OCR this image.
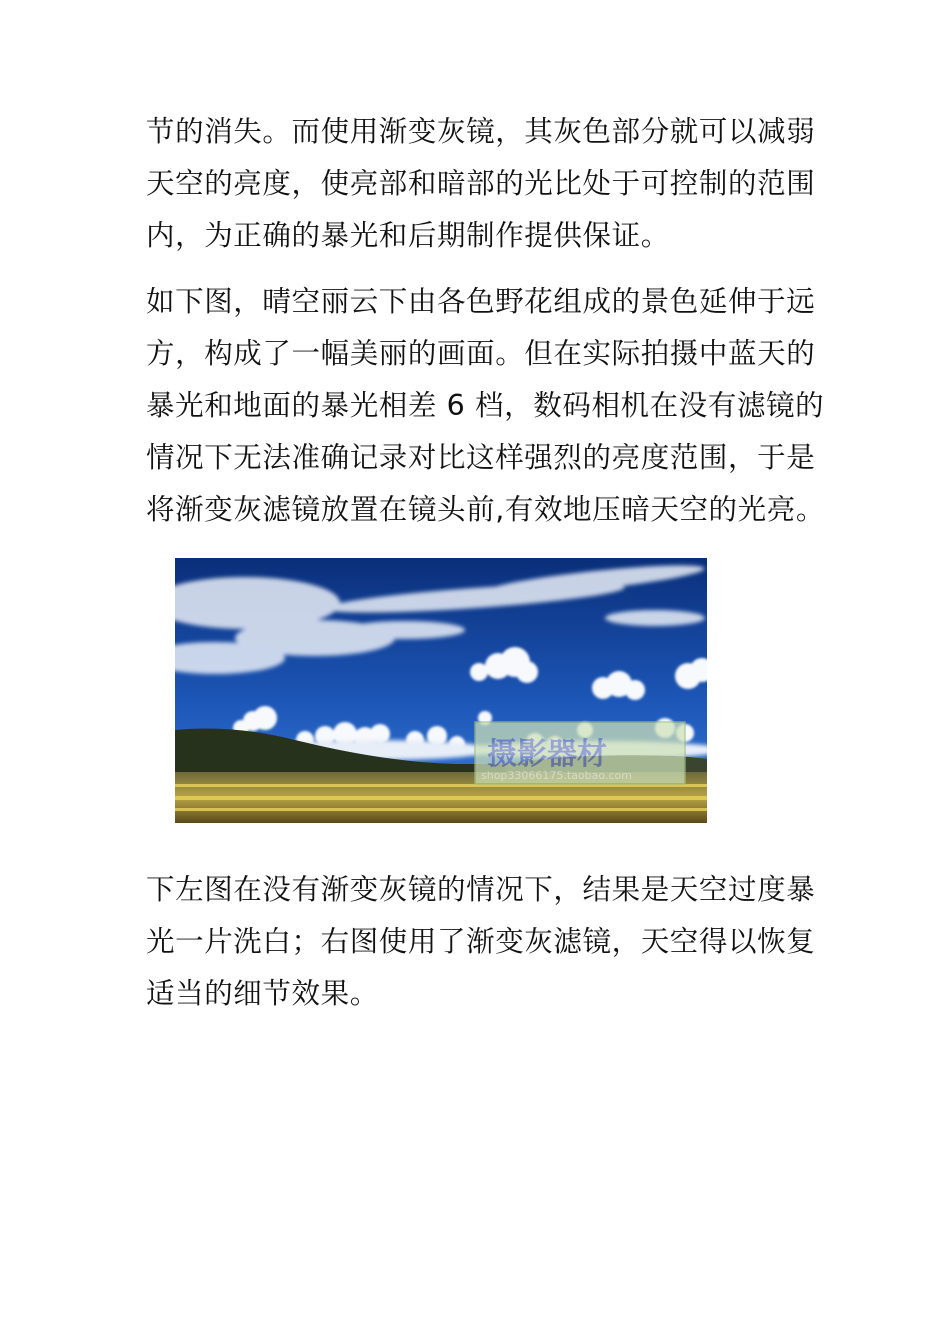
节的消失。而使用渐变灰镜，其灰色部分就可以减弱
天空的亮度，使亮部和暗部的光比处于可控制的范围
内，为正确的暴光和后期制作提供保证。
如下图，晴空丽云下由各色野花组成的景色延伸于远
方，构成了一幅美丽的画面。但在实际拍摄中蓝天的
暴光和地面的暴光相差 6 档，数码相机在没有滤镜的
情况下无法准确记录对比这样强烈的亮度范围，于是
将渐变灰滤镜放置在镜头前,有效地压暗天空的光亮。
摄影器材
shop33066175.taobao.com
下左图在没有渐变灰镜的情况下，结果是天空过度暴
光一片洗白；右图使用了渐变灰滤镜，天空得以恢复
适当的细节效果。
